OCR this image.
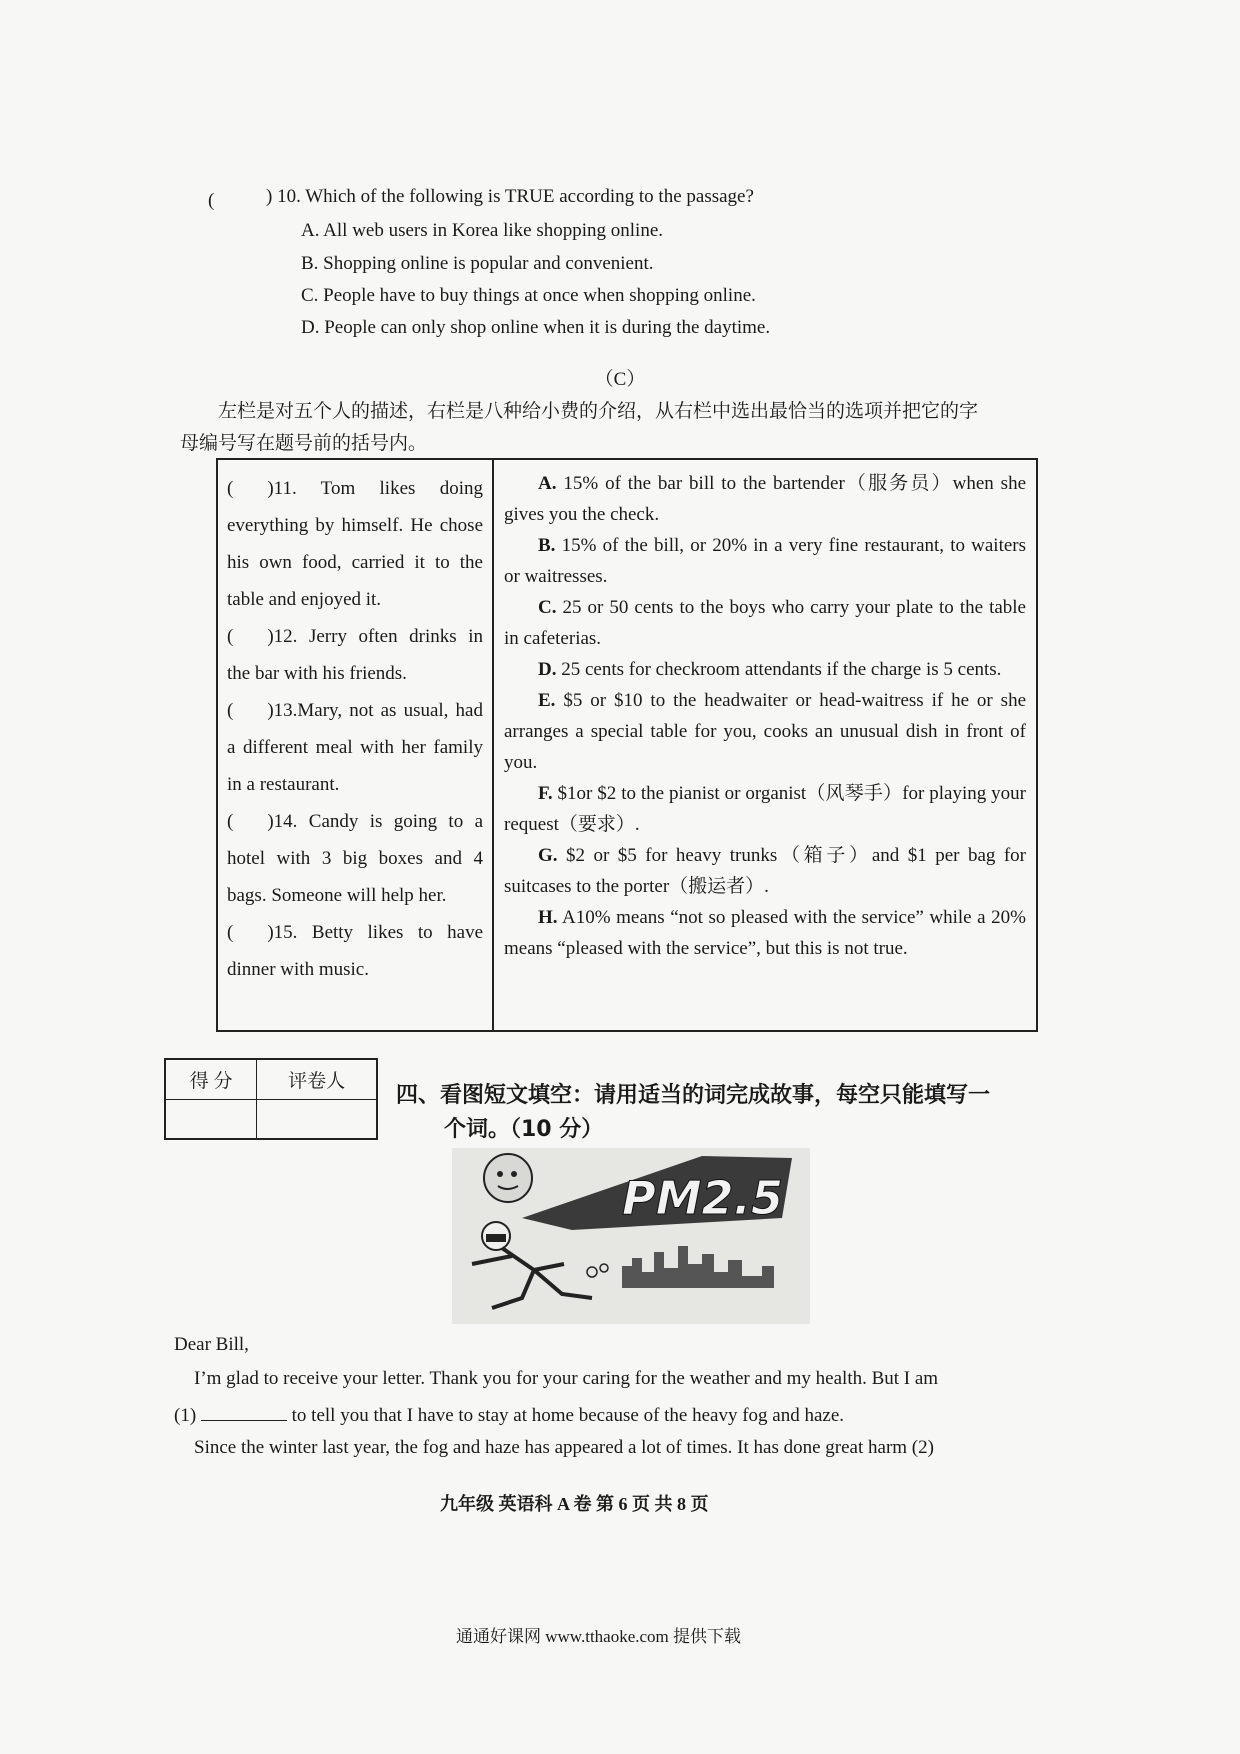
(	) 10. Which of the following is TRUE according to the passage?
A. All web users in Korea like shopping online.
B. Shopping online is popular and convenient.
C. People have to buy things at once when shopping online.
D. People can only shop online when it is during the daytime.
（C）
左栏是对五个人的描述，右栏是八种给小费的介绍，从右栏中选出最恰当的选项并把它的字
母编号写在题号前的括号内。

( )11. Tom likes doing everything by himself. He chose his own food, carried it to the table and enjoyed it.

( )12. Jerry often drinks in the bar with his friends.

( )13.Mary, not as usual, had a different meal with her family in a restaurant.

( )14. Candy is going to a hotel with 3 big boxes and 4 bags. Someone will help her.

( )15. Betty likes to have dinner with music.

A. 15% of the bar bill to the bartender（服务员）when she gives you the check.

B. 15% of the bill, or 20% in a very fine restaurant, to waiters or waitresses.

C. 25 or 50 cents to the boys who carry your plate to the table in cafeterias.

D. 25 cents for checkroom attendants if the charge is 5 cents.

E. $5 or $10 to the headwaiter or head-waitress if he or she arranges a special table for you, cooks an unusual dish in front of you.

F. $1or $2 to the pianist or organist（风琴手）for playing your request（要求）.

G. $2 or $5 for heavy trunks（箱子）and $1 per bag for suitcases to the porter（搬运者）.

H. A10% means “not so pleased with the service” while a 20% means “pleased with the service”, but this is not true.

得 分	评卷人

四、看图短文填空：请用适当的词完成故事，每空只能填写一
个词。（10 分）
PM2.5
Dear Bill,
I’m glad to receive your letter. Thank you for your caring for the weather and my health. But I am
(1)	to tell you that I have to stay at home because of the heavy fog and haze.
Since the winter last year, the fog and haze has appeared a lot of times. It has done great harm (2)
九年级 英语科 A 卷 第 6 页 共 8 页
通通好课网 www.tthaoke.com 提供下载
